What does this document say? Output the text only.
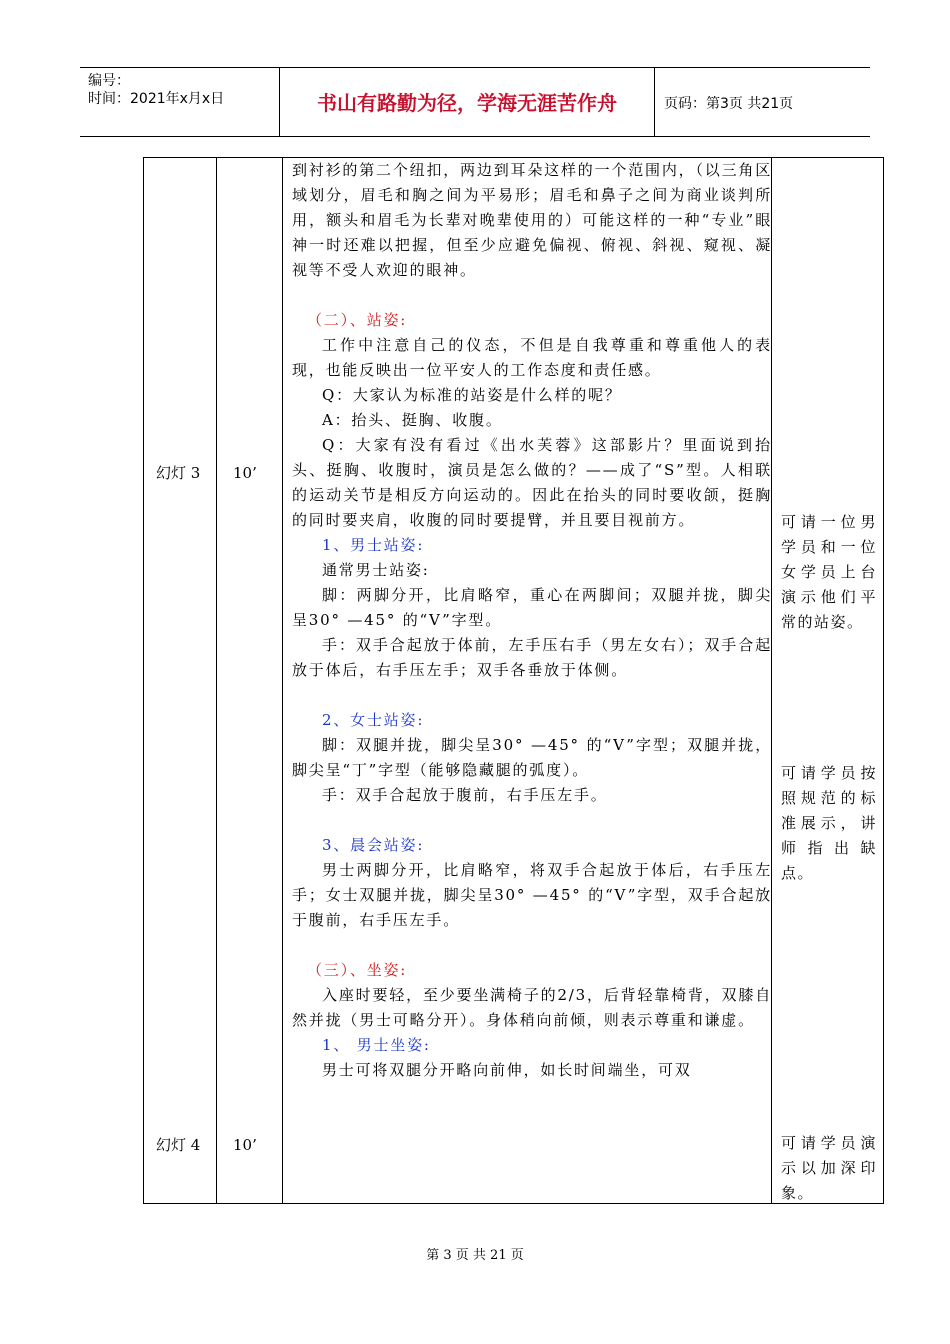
编号：
时间：2021年x月x日	书山有路勤为径，学海无涯苦作舟	页码：第3页 共21页
幻灯 3 10’
幻灯 4 10’

到衬衫的第二个纽扣，两边到耳朵这样的一个范围内，（以三角区域划分，眉毛和胸之间为平易形；眉毛和鼻子之间为商业谈判所用，额头和眉毛为长辈对晚辈使用的）可能这样的一种“专业”眼神一时还难以把握，但至少应避免偏视、俯视、斜视、窥视、凝视等不受人欢迎的眼神。

（二）、站姿:

工作中注意自己的仪态，不但是自我尊重和尊重他人的表现，也能反映出一位平安人的工作态度和责任感。

Q：大家认为标准的站姿是什么样的呢？

A：抬头、挺胸、收腹。

Q：大家有没有看过《出水芙蓉》这部影片？里面说到抬头、挺胸、收腹时，演员是怎么做的？——成了“S”型。人相联的运动关节是相反方向运动的。因此在抬头的同时要收颌，挺胸的同时要夹肩，收腹的同时要提臂，并且要目视前方。

1、男士站姿:

通常男士站姿:

脚：两脚分开，比肩略窄，重心在两脚间；双腿并拢，脚尖呈30° —45° 的“V”字型。

手：双手合起放于体前，左手压右手（男左女右）；双手合起放于体后，右手压左手；双手各垂放于体侧。

2、女士站姿:

脚：双腿并拢，脚尖呈30° —45° 的“V”字型；双腿并拢，脚尖呈“丁”字型（能够隐藏腿的弧度）。

手：双手合起放于腹前，右手压左手。

3、晨会站姿:

男士两脚分开，比肩略窄，将双手合起放于体后，右手压左手；女士双腿并拢，脚尖呈30° —45° 的“V”字型，双手合起放于腹前，右手压左手。

（三）、坐姿:

入座时要轻，至少要坐满椅子的2/3，后背轻靠椅背，双膝自然并拢（男士可略分开）。身体稍向前倾，则表示尊重和谦虚。

1、 男士坐姿:

男士可将双腿分开略向前伸，如长时间端坐，可双

可请一位男学员和一位女学员上台演示他们平常的站姿。
可请学员按照规范的标准展示，讲师指出缺点。
可请学员演示以加深印象。
第 3 页 共 21 页
